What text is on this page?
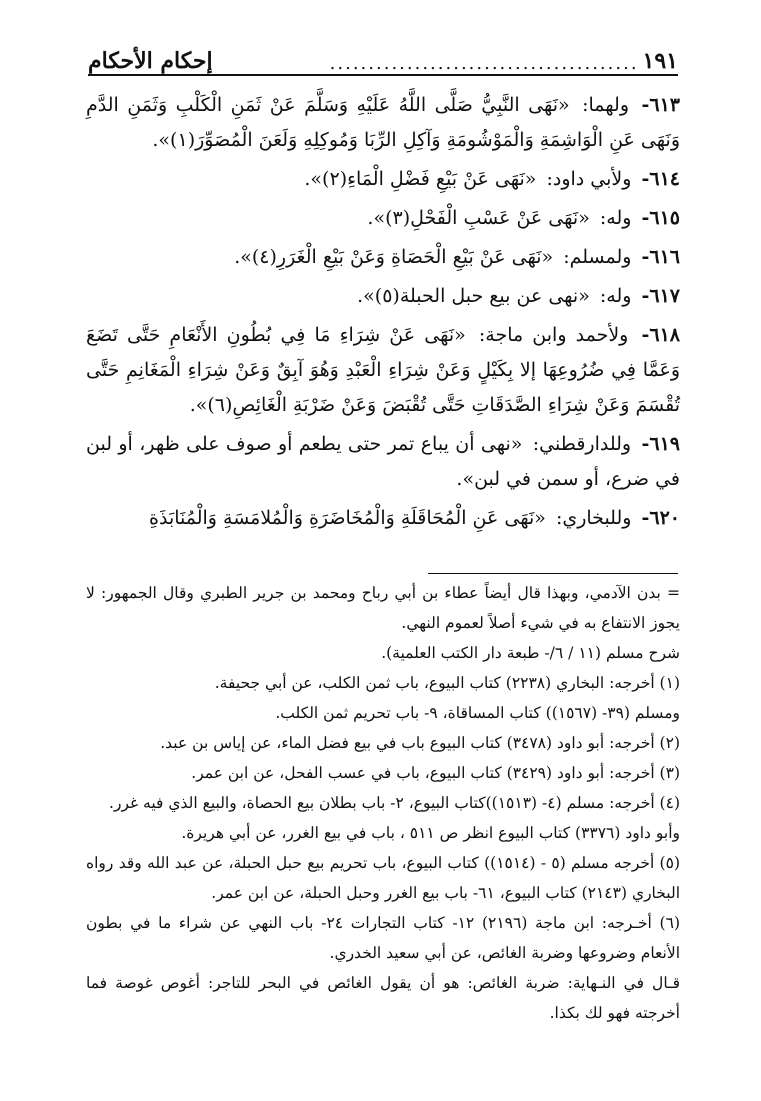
١٩١
........................................
إحكام الأحكام

٦١٣- ولهما: «نَهَى النَّبِيُّ صَلَّى اللَّهُ عَلَيْهِ وَسَلَّمَ عَنْ ثَمَنِ الْكَلْبِ وَثَمَنِ الدَّمِ وَنَهَى عَنِ الْوَاشِمَةِ وَالْمَوْشُومَةِ وَآكِلِ الرِّبَا وَمُوكِلِهِ وَلَعَنَ الْمُصَوِّرَ(١)».

٦١٤- ولأبي داود: «نَهَى عَنْ بَيْعِ فَضْلِ الْمَاءِ(٢)».

٦١٥- وله: «نَهَى عَنْ عَسْبِ الْفَحْلِ(٣)».

٦١٦- ولمسلم: «نَهَى عَنْ بَيْعِ الْحَصَاةِ وَعَنْ بَيْعِ الْغَرَرِ(٤)».

٦١٧- وله: «نهى عن بيع حبل الحبلة(٥)».

٦١٨- ولأحمد وابن ماجة: «نَهَى عَنْ شِرَاءِ مَا فِي بُطُونِ الأَنْعَامِ حَتَّى تَضَعَ وَعَمَّا فِي ضُرُوعِهَا إلا بِكَيْلٍ وَعَنْ شِرَاءِ الْعَبْدِ وَهُوَ آبِقٌ وَعَنْ شِرَاءِ الْمَغَانِمِ حَتَّى تُقْسَمَ وَعَنْ شِرَاءِ الصَّدَقَاتِ حَتَّى تُقْبَضَ وَعَنْ ضَرْبَةِ الْغَائِصِ(٦)».

٦١٩- وللدارقطني: «نهى أن يباع تمر حتى يطعم أو صوف على ظهر، أو لبن في ضرع، أو سمن في لبن».

٦٢٠- وللبخاري: «نَهَى عَنِ الْمُحَاقَلَةِ وَالْمُخَاضَرَةِ وَالْمُلامَسَةِ وَالْمُنَابَذَةِ

= بدن الآدمي، وبهذا قال أيضاً عطاء بن أبي رباح ومحمد بن جرير الطبري وقال الجمهور: لا يجوز الانتفاع به في شيء أصلاً لعموم النهي.

شرح مسلم (١١ / ٦/- طبعة دار الكتب العلمية).

(١) أخرجه: البخاري (٢٢٣٨) كتاب البيوع، باب ثمن الكلب، عن أبي جحيفة.

ومسلم (٣٩- (١٥٦٧)) كتاب المساقاة، ٩- باب تحريم ثمن الكلب.

(٢) أخرجه: أبو داود (٣٤٧٨) كتاب البيوع باب في بيع فضل الماء، عن إياس بن عبد.

(٣) أخرجه: أبو داود (٣٤٢٩) كتاب البيوع، باب في عسب الفحل، عن ابن عمر.

(٤) أخرجه: مسلم (٤- (١٥١٣))كتاب البيوع، ٢- باب بطلان بيع الحصاة، والبيع الذي فيه غرر.

وأبو داود (٣٣٧٦) كتاب البيوع انظر ص ٥١١ ، باب في بيع الغرر، عن أبي هريرة.

(٥) أخرجه مسلم (٥ - (١٥١٤)) كتاب البيوع، باب تحريم بيع حبل الحبلة، عن عبد الله وقد رواه البخاري (٢١٤٣) كتاب البيوع، ٦١- باب بيع الغرر وحبل الحبلة، عن ابن عمر.

(٦) أخـرجه: ابن ماجة (٢١٩٦) ١٢- كتاب التجارات ٢٤- باب النهي عن شراء ما في بطون الأنعام وضروعها وضربة الغائص، عن أبي سعيد الخدري.

قـال في النـهاية: ضربة الغائص: هو أن يقول الغائص في البحر للتاجر: أغوص غوصة فما أخرجته فهو لك بكذا.
